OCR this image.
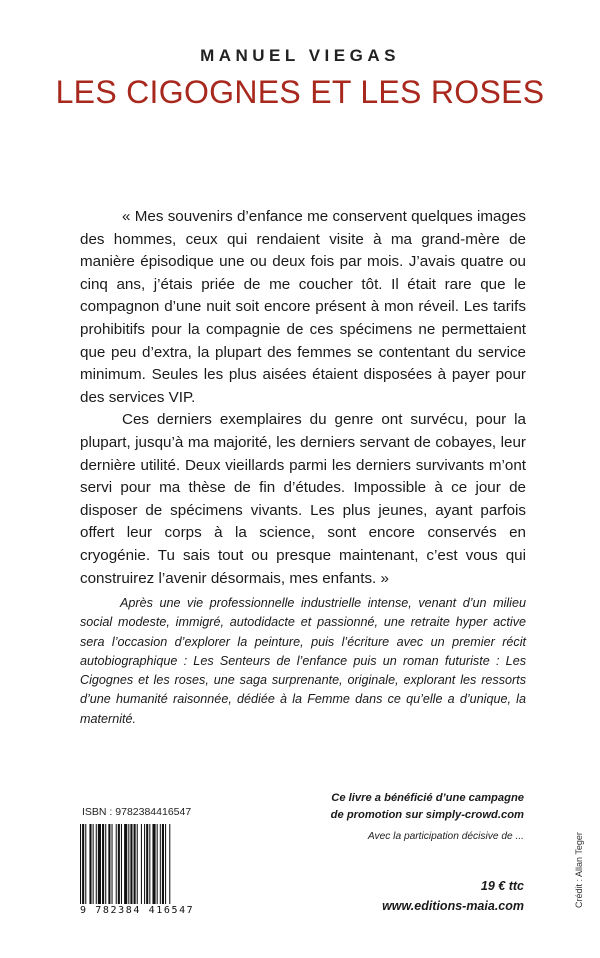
MANUEL VIEGAS
LES CIGOGNES ET LES ROSES

« Mes souvenirs d’enfance me conservent quelques images des hommes, ceux qui rendaient visite à ma grand-mère de manière épisodique une ou deux fois par mois. J’avais quatre ou cinq ans, j’étais priée de me coucher tôt. Il était rare que le compagnon d’une nuit soit encore présent à mon réveil. Les tarifs prohibitifs pour la compagnie de ces spécimens ne permettaient que peu d’extra, la plupart des femmes se contentant du service minimum. Seules les plus aisées étaient disposées à payer pour des services VIP.

Ces derniers exemplaires du genre ont survécu, pour la plupart, jusqu’à ma majorité, les derniers servant de cobayes, leur dernière utilité. Deux vieillards parmi les derniers survivants m’ont servi pour ma thèse de fin d’études. Impossible à ce jour de disposer de spécimens vivants. Les plus jeunes, ayant parfois offert leur corps à la science, sont encore conservés en cryogénie. Tu sais tout ou presque maintenant, c’est vous qui construirez l’avenir désormais, mes enfants. »

Après une vie professionnelle industrielle intense, venant d’un milieu social modeste, immigré, autodidacte et passionné, une retraite hyper active sera l’occasion d’explorer la peinture, puis l’écriture avec un premier récit autobiographique : Les Senteurs de l’enfance puis un roman futuriste : Les Cigognes et les roses, une saga surprenante, originale, explorant les ressorts d’une humanité raisonnée, dédiée à la Femme dans ce qu’elle a d’unique, la maternité.

Ce livre a bénéficié d’une campagne
de promotion sur simply-crowd.com
Avec la participation décisive de ...
19 € ttc
www.editions-maia.com
ISBN : 9782384416547
9 782384 416547
Crédit : Allan Teger
